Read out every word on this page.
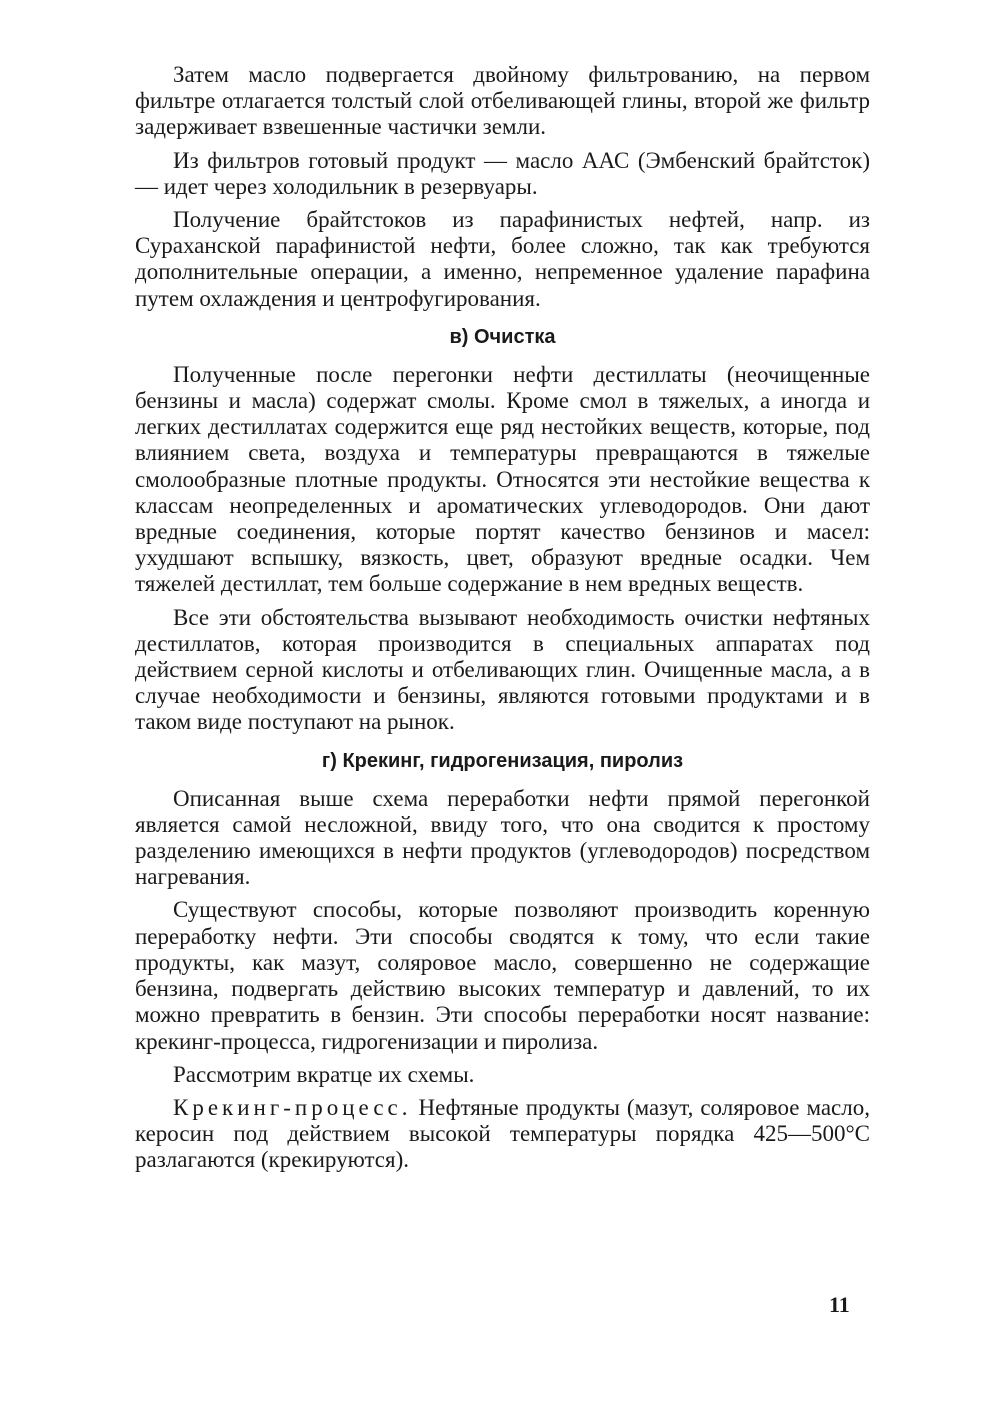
Затем масло подвергается двойному фильтрованию, на первом фильтре отлагается толстый слой отбеливающей глины, второй же фильтр задерживает взвешенные частички земли.

Из фильтров готовый продукт — масло ААС (Эмбенский брайтсток) — идет через холодильник в резервуары.

Получение брайтстоков из парафинистых нефтей, напр. из Сураханской парафинистой нефти, более сложно, так как требуются дополнительные операции, а именно, непременное удаление парафина путем охлаждения и центрофугирования.

в) Очистка

Полученные после перегонки нефти дестиллаты (неочищенные бензины и масла) содержат смолы. Кроме смол в тяжелых, а иногда и легких дестиллатах содержится еще ряд нестойких веществ, которые, под влиянием света, воздуха и температуры превращаются в тяжелые смолообразные плотные продукты. Относятся эти нестойкие вещества к классам неопределенных и ароматических углеводородов. Они дают вредные соединения, которые портят качество бензинов и масел: ухудшают вспышку, вязкость, цвет, образуют вредные осадки. Чем тяжелей дестиллат, тем больше содержание в нем вредных веществ.

Все эти обстоятельства вызывают необходимость очистки нефтяных дестиллатов, которая производится в специальных аппаратах под действием серной кислоты и отбеливающих глин. Очищенные масла, а в случае необходимости и бензины, являются готовыми продуктами и в таком виде поступают на рынок.

г) Крекинг, гидрогенизация, пиролиз

Описанная выше схема переработки нефти прямой перегонкой является самой несложной, ввиду того, что она сводится к простому разделению имеющихся в нефти продуктов (углеводородов) посредством нагревания.

Существуют способы, которые позволяют производить коренную переработку нефти. Эти способы сводятся к тому, что если такие продукты, как мазут, соляровое масло, совершенно не содержащие бензина, подвергать действию высоких температур и давлений, то их можно превратить в бензин. Эти способы переработки носят название: крекинг-процесса, гидрогенизации и пиролиза.

Рассмотрим вкратце их схемы.

Крекинг-процесс. Нефтяные продукты (мазут, соляровое масло, керосин под действием высокой температуры порядка 425—500°С разлагаются (крекируются).

11
